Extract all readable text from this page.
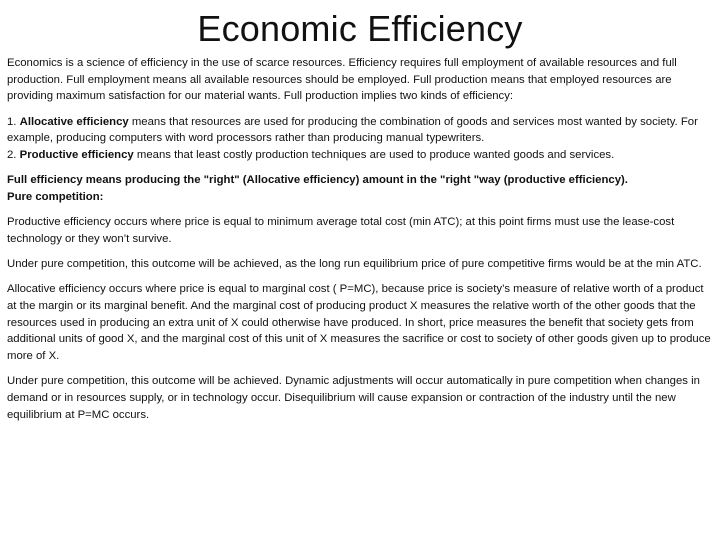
Economic Efficiency

Economics is a science of efficiency in the use of scarce resources. Efficiency requires full employment of available resources and full production. Full employment means all available resources should be employed. Full production means that employed resources are providing maximum satisfaction for our material wants. Full production implies two kinds of efficiency:

1. Allocative efficiency means that resources are used for producing the combination of goods and services most wanted by society. For example, producing computers with word processors rather than producing manual typewriters.

2. Productive efficiency means that least costly production techniques are used to produce wanted goods and services.

Full efficiency means producing the "right" (Allocative efficiency) amount in the "right "way (productive efficiency).
Pure competition:

Productive efficiency occurs where price is equal to minimum average total cost (min ATC); at this point firms must use the lease-cost technology or they won’t survive.

Under pure competition, this outcome will be achieved, as the long run equilibrium price of pure competitive firms would be at the min ATC.

Allocative efficiency occurs where price is equal to marginal cost ( P=MC), because price is society’s measure of relative worth of a product at the margin or its marginal benefit. And the marginal cost of producing product X measures the relative worth of the other goods that the resources used in producing an extra unit of X could otherwise have produced. In short, price measures the benefit that society gets from additional units of good X, and the marginal cost of this unit of X measures the sacrifice or cost to society of other goods given up to produce more of X.

Under pure competition, this outcome will be achieved. Dynamic adjustments will occur automatically in pure competition when changes in demand or in resources supply, or in technology occur. Disequilibrium will cause expansion or contraction of the industry until the new equilibrium at P=MC occurs.
